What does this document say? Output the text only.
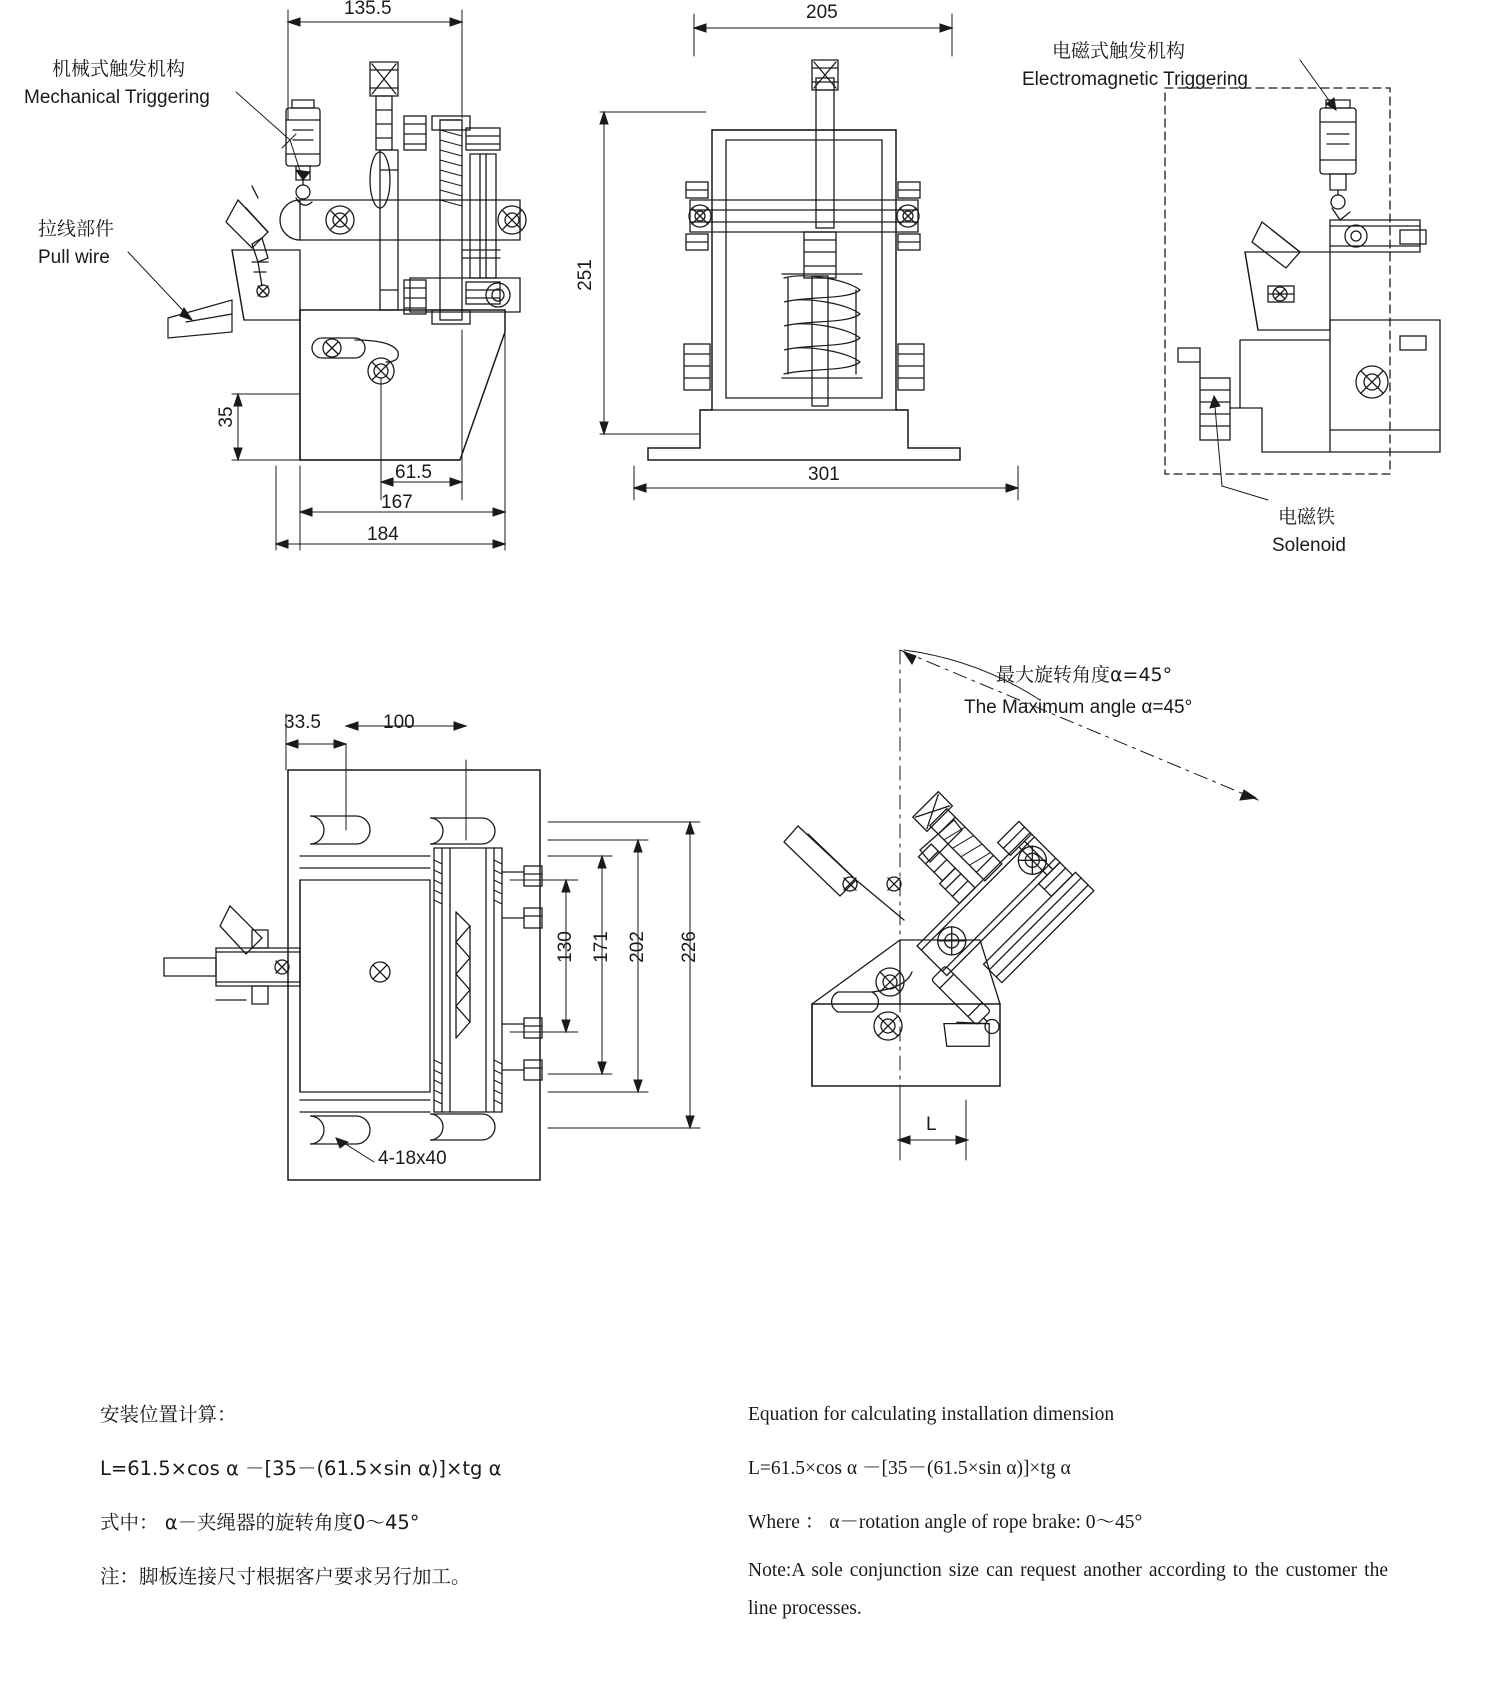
机械式触发机构
Mechanical Triggering
拉线部件
Pull wire
135.5
35
61.5
167
184
205
251
301
电磁式触发机构
Electromagnetic Triggering
电磁铁
Solenoid
33.5	100
130 171 202 226
4-18x40
最大旋转角度α=45°
The Maximum angle α=45°
L
安装位置计算：
L=61.5×cos α －[35－(61.5×sin α)]×tg α
式中： α－夹绳器的旋转角度0～45°
注：脚板连接尺寸根据客户要求另行加工。
Equation for calculating installation dimension
L=61.5×cos α －[35－(61.5×sin α)]×tg α
Where ： α－rotation angle of rope brake: 0～45°
Note:A sole conjunction size can request another according to the customer the line processes.
